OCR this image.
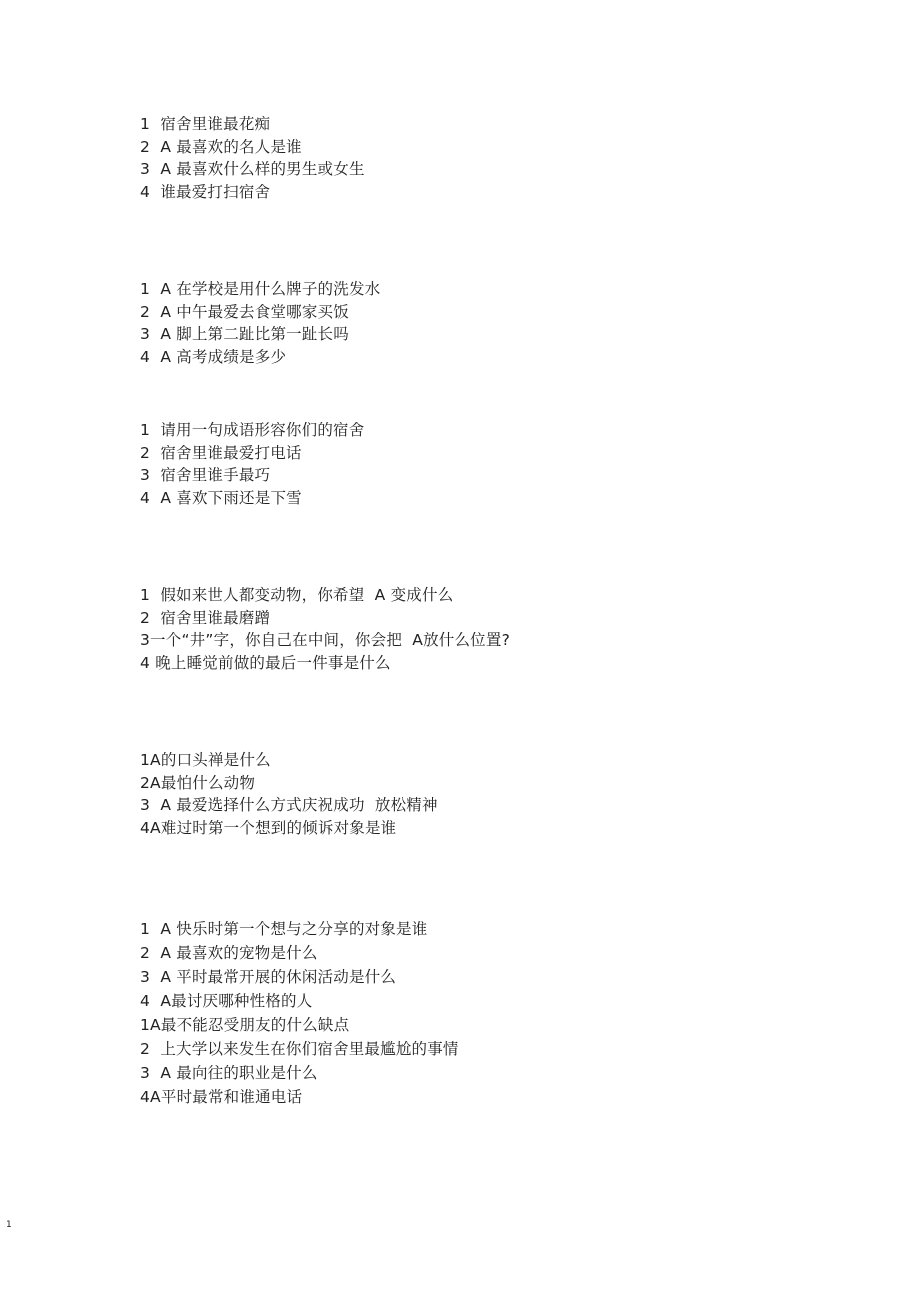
1  宿舍里谁最花痴
2  A 最喜欢的名人是谁
3  A 最喜欢什么样的男生或女生
4  谁最爱打扫宿舍
1  A 在学校是用什么牌子的洗发水
2  A 中午最爱去食堂哪家买饭
3  A 脚上第二趾比第一趾长吗
4  A 高考成绩是多少
1  请用一句成语形容你们的宿舍
2  宿舍里谁最爱打电话
3  宿舍里谁手最巧
4  A 喜欢下雨还是下雪
1  假如来世人都变动物，你希望  A 变成什么
2  宿舍里谁最磨蹭
3一个“井”字，你自己在中间，你会把  A放什么位置?
4 晚上睡觉前做的最后一件事是什么
1A的口头禅是什么
2A最怕什么动物
3  A 最爱选择什么方式庆祝成功  放松精神
4A难过时第一个想到的倾诉对象是谁
1  A 快乐时第一个想与之分享的对象是谁
2  A 最喜欢的宠物是什么
3  A 平时最常开展的休闲活动是什么
4  A最讨厌哪种性格的人
1A最不能忍受朋友的什么缺点
2  上大学以来发生在你们宿舍里最尴尬的事情
3  A 最向往的职业是什么
4A平时最常和谁通电话
1
